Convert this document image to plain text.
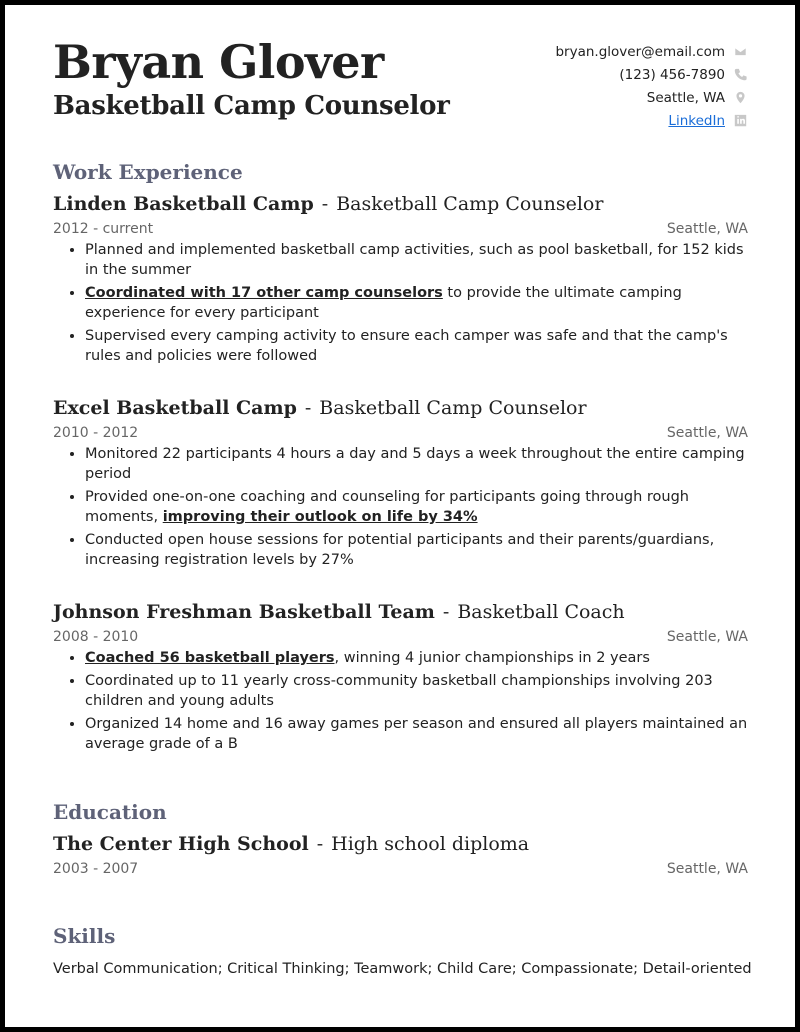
Bryan Glover
Basketball Camp Counselor
bryan.glover@email.com
(123) 456-7890
Seattle, WA
LinkedIn
Work Experience
Linden Basketball Camp - Basketball Camp Counselor
2012 - current	Seattle, WA
• Planned and implemented basketball camp activities, such as pool basketball, for 152 kids in the summer
• Coordinated with 17 other camp counselors to provide the ultimate camping experience for every participant
• Supervised every camping activity to ensure each camper was safe and that the camp's rules and policies were followed
Excel Basketball Camp - Basketball Camp Counselor
2010 - 2012	Seattle, WA
• Monitored 22 participants 4 hours a day and 5 days a week throughout the entire camping period
• Provided one-on-one coaching and counseling for participants going through rough moments, improving their outlook on life by 34%
• Conducted open house sessions for potential participants and their parents/guardians, increasing registration levels by 27%
Johnson Freshman Basketball Team - Basketball Coach
2008 - 2010	Seattle, WA
• Coached 56 basketball players, winning 4 junior championships in 2 years
• Coordinated up to 11 yearly cross-community basketball championships involving 203 children and young adults
• Organized 14 home and 16 away games per season and ensured all players maintained an average grade of a B
Education
The Center High School - High school diploma
2003 - 2007	Seattle, WA
Skills
Verbal Communication; Critical Thinking; Teamwork; Child Care; Compassionate; Detail-oriented
